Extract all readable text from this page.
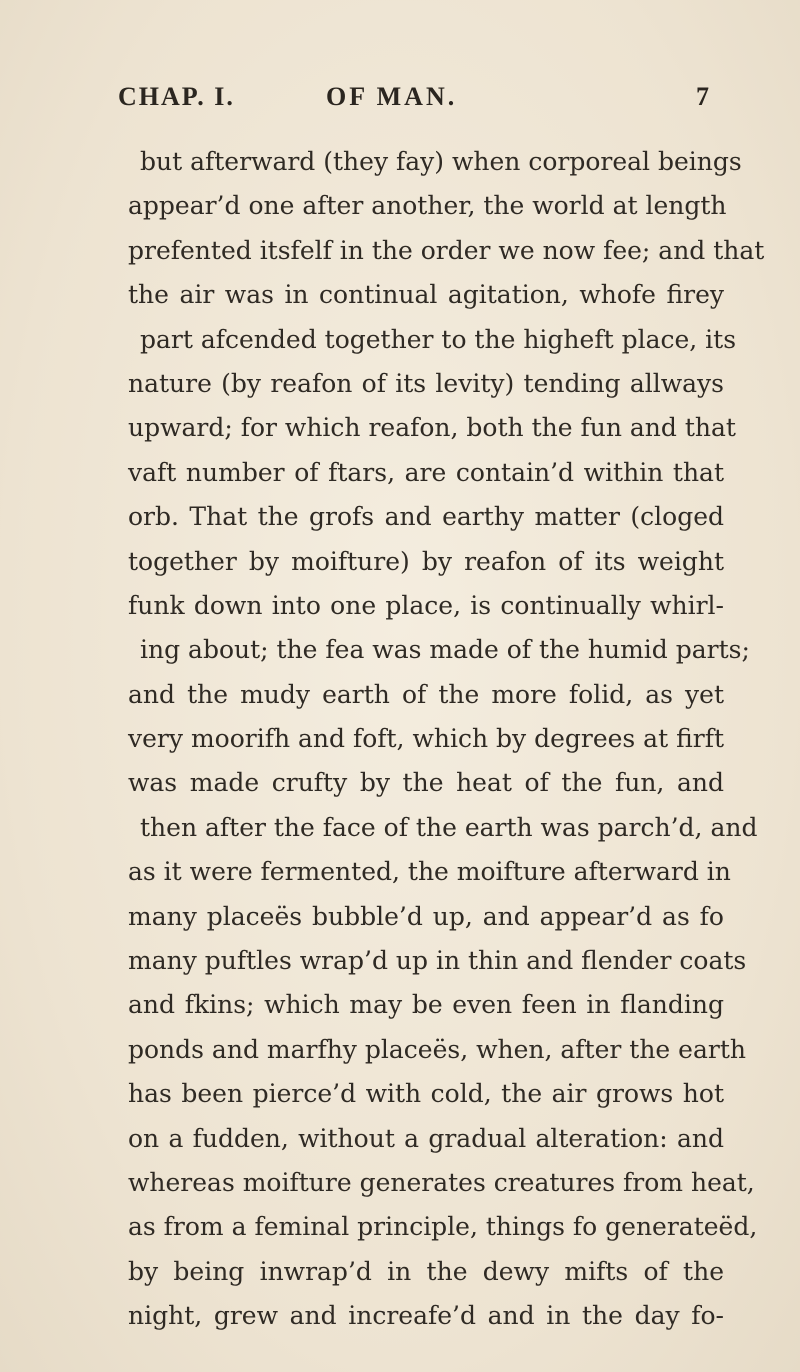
CHAP. I.	OF MAN.	7
but afterward (they fay) when corporeal beings
appear’d one after another, the world at length
prefented itsfelf in the order we now fee; and that
the air was in continual agitation, whofe firey
part afcended together to the higheft place, its
nature (by reafon of its levity) tending allways
upward; for which reafon, both the fun and that
vaft number of ftars, are contain’d within that
orb. That the grofs and earthy matter (cloged
together by moifture) by reafon of its weight
funk down into one place, is continually whirl-
ing about; the fea was made of the humid parts;
and the mudy earth of the more folid, as yet
very moorifh and foft, which by degrees at firft
was made crufty by the heat of the fun, and
then after the face of the earth was parch’d, and
as it were fermented, the moifture afterward in
many placeës bubble’d up, and appear’d as fo
many puftles wrap’d up in thin and flender coats
and fkins; which may be even feen in flanding
ponds and marfhy placeës, when, after the earth
has been pierce’d with cold, the air grows hot
on a fudden, without a gradual alteration: and
whereas moifture generates creatures from heat,
as from a feminal principle, things fo generateëd,
by being inwrap’d in the dewy mifts of the
night, grew and increafe’d and in the day fo-
